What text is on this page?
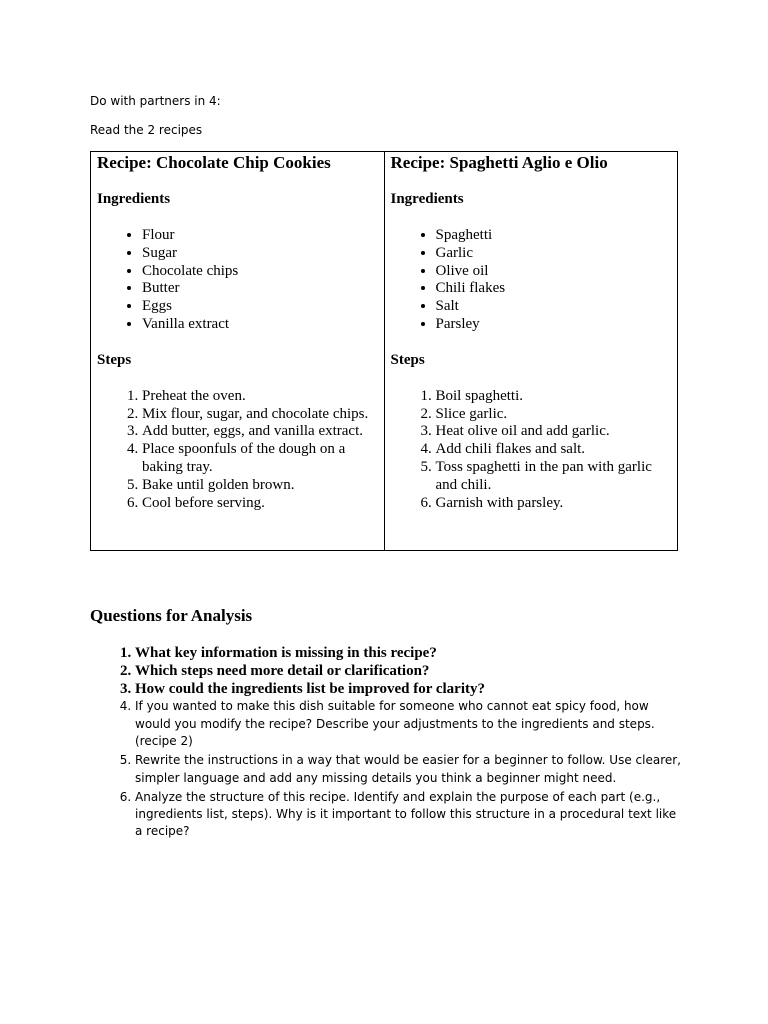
Do with partners in 4:
Read the 2 recipes
Recipe: Chocolate Chip Cookies
Ingredients
• Flour
• Sugar
• Chocolate chips
• Butter
• Eggs
• Vanilla extract
Steps
1. Preheat the oven.
2. Mix flour, sugar, and chocolate chips.
3. Add butter, eggs, and vanilla extract.
4. Place spoonfuls of the dough on a baking tray.
5. Bake until golden brown.
6. Cool before serving.
Recipe: Spaghetti Aglio e Olio
Ingredients
• Spaghetti
• Garlic
• Olive oil
• Chili flakes
• Salt
• Parsley
Steps
1. Boil spaghetti.
2. Slice garlic.
3. Heat olive oil and add garlic.
4. Add chili flakes and salt.
5. Toss spaghetti in the pan with garlic and chili.
6. Garnish with parsley.
Questions for Analysis
1. What key information is missing in this recipe?
2. Which steps need more detail or clarification?
3. How could the ingredients list be improved for clarity?
4. If you wanted to make this dish suitable for someone who cannot eat spicy food, how would you modify the recipe? Describe your adjustments to the ingredients and steps. (recipe 2)
5. Rewrite the instructions in a way that would be easier for a beginner to follow. Use clearer, simpler language and add any missing details you think a beginner might need.
6. Analyze the structure of this recipe. Identify and explain the purpose of each part (e.g., ingredients list, steps). Why is it important to follow this structure in a procedural text like a recipe?
